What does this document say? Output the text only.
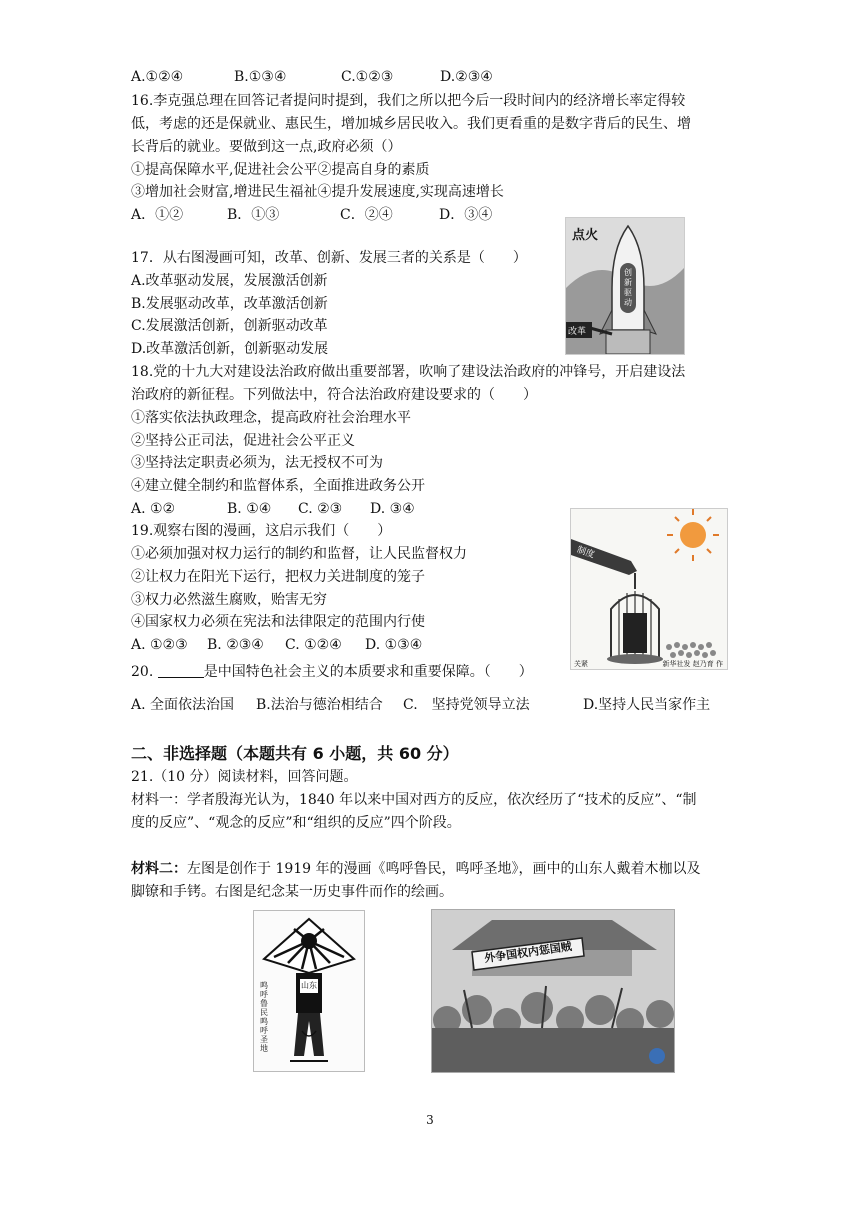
A.①②④	B.①③④	C.①②③	D.②③④
16.李克强总理在回答记者提问时提到，我们之所以把今后一段时间内的经济增长率定得较
低，考虑的还是保就业、惠民生，增加城乡居民收入。我们更看重的是数字背后的民生、增
长背后的就业。要做到这一点,政府必须（）
①提高保障水平,促进社会公平②提高自身的素质
③增加社会财富,增进民生福祉④提升发展速度,实现高速增长
A．①②	B．①③	C．②④	D．③④
17．从右图漫画可知，改革、创新、发展三者的关系是（　　）
A.改革驱动发展，发展激活创新
B.发展驱动改革，改革激活创新
C.发展激活创新，创新驱动改革
D.改革激活创新，创新驱动发展
点火
创新驱动
改革
18.党的十九大对建设法治政府做出重要部署，吹响了建设法治政府的冲锋号，开启建设法
治政府的新征程。下列做法中，符合法治政府建设要求的（　　）
①落实依法执政理念，提高政府社会治理水平
②坚持公正司法，促进社会公平正义
③坚持法定职责必须为，法无授权不可为
④建立健全制约和监督体系，全面推进政务公开
A. ①②	B. ①④ C. ②③ D. ③④
19.观察右图的漫画，这启示我们（　　）
①必须加强对权力运行的制约和监督，让人民监督权力
②让权力在阳光下运行，把权力关进制度的笼子
③权力必然滋生腐败，贻害无穷
④国家权力必须在宪法和法律限定的范围内行使
A. ①②③ B. ②③④ C. ①②④ D. ①③④
制度
关紧	新华社发 赵乃育 作
20.	是中国特色社会主义的本质要求和重要保障。（　　）
A. 全面依法治国 B.法治与德治相结合 C.　坚持党领导立法	D.坚持人民当家作主
二、非选择题（本题共有 6 小题，共 60 分）
21.（10 分）阅读材料，回答问题。
材料一：学者殷海光认为，1840 年以来中国对西方的反应，依次经历了“技术的反应”、“制
度的反应”、“观念的反应”和“组织的反应”四个阶段。
材料二：左图是创作于 1919 年的漫画《鸣呼鲁民，鸣呼圣地》，画中的山东人戴着木枷以及
脚镣和手铐。右图是纪念某一历史事件而作的绘画。
山东
鸣呼鲁民鸣呼圣地
外争国权内惩国贼
3
